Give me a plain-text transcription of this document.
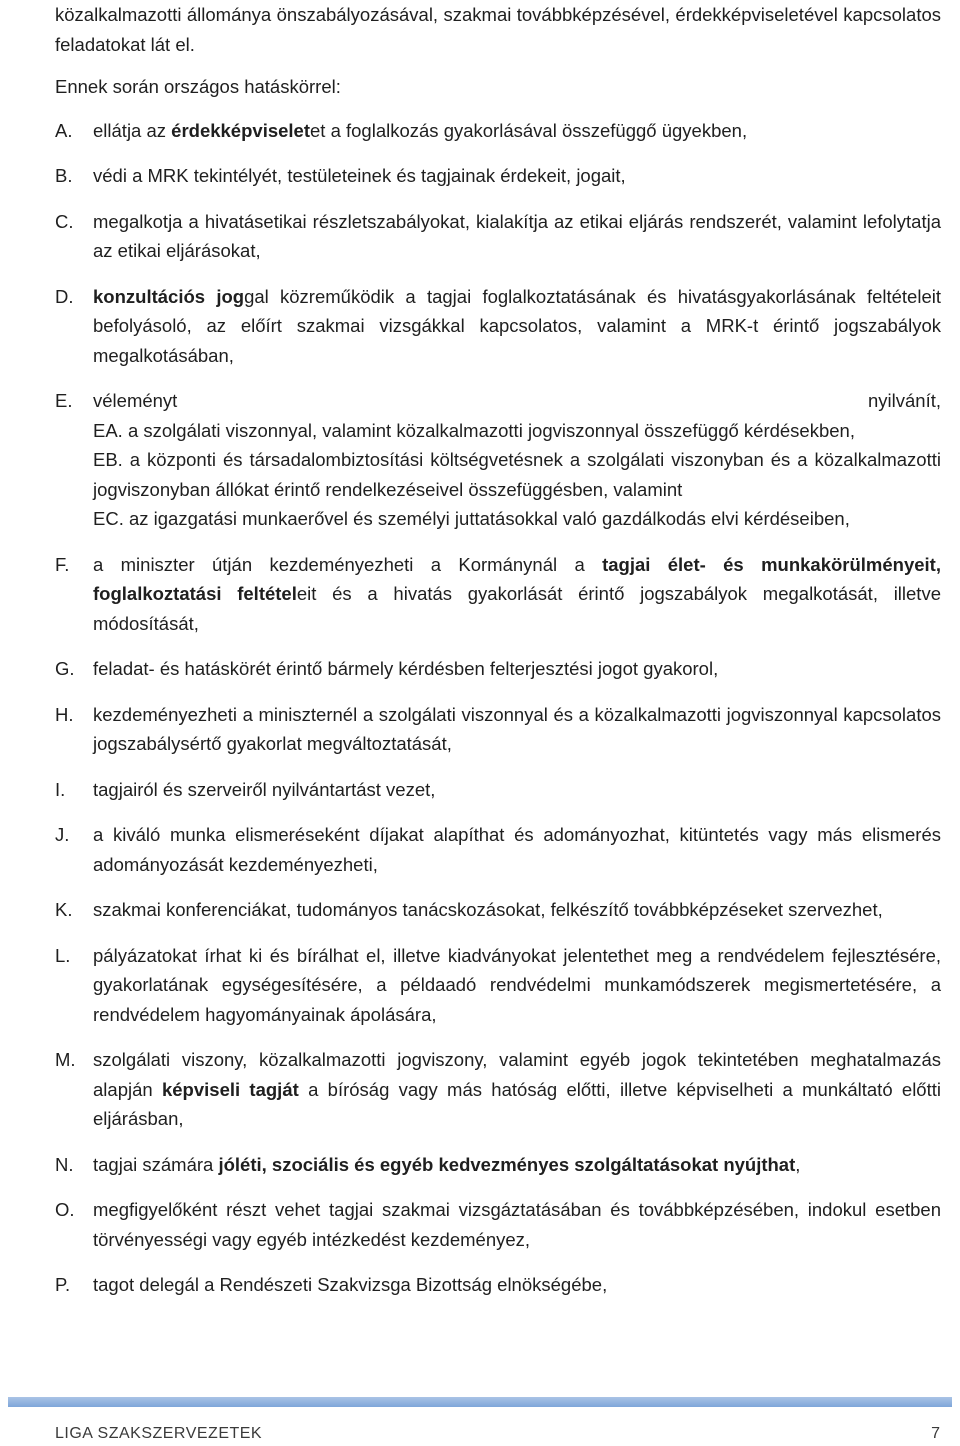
közalkalmazotti állománya önszabályozásával, szakmai továbbképzésével, érdekképviseletével kapcsolatos feladatokat lát el.

Ennek során országos hatáskörrel:

A.	ellátja az érdekképviseletet a foglalkozás gyakorlásával összefüggő ügyekben,
B.	védi a MRK tekintélyét, testületeinek és tagjainak érdekeit, jogait,
C.	megalkotja a hivatásetikai részletszabályokat, kialakítja az etikai eljárás rendszerét, valamint lefolytatja az etikai eljárásokat,
D.	konzultációs joggal közreműködik a tagjai foglalkoztatásának és hivatásgyakorlásának feltételeit befolyásoló, az előírt szakmai vizsgákkal kapcsolatos, valamint a MRK-t érintő jogszabályok megalkotásában,
E.	véleményt	nyilvánít,
EA. a szolgálati viszonnyal, valamint közalkalmazotti jogviszonnyal összefüggő kérdésekben,
EB. a központi és társadalombiztosítási költségvetésnek a szolgálati viszonyban és a közalkalmazotti jogviszonyban állókat érintő rendelkezéseivel összefüggésben, valamint
EC. az igazgatási munkaerővel és személyi juttatásokkal való gazdálkodás elvi kérdéseiben,
F.	a miniszter útján kezdeményezheti a Kormánynál a tagjai élet- és munkakörülményeit, foglalkoztatási feltételeit és a hivatás gyakorlását érintő jogszabályok megalkotását, illetve módosítását,
G. feladat- és hatáskörét érintő bármely kérdésben felterjesztési jogot gyakorol,
H.	kezdeményezheti a miniszternél a szolgálati viszonnyal és a közalkalmazotti jogviszonnyal kapcsolatos jogszabálysértő gyakorlat megváltoztatását,
I.	tagjairól és szerveiről nyilvántartást vezet,
J.	a kiváló munka elismeréseként díjakat alapíthat és adományozhat, kitüntetés vagy más elismerés adományozását kezdeményezheti,
K.	szakmai konferenciákat, tudományos tanácskozásokat, felkészítő továbbképzéseket szervezhet,
L.	pályázatokat írhat ki és bírálhat el, illetve kiadványokat jelentethet meg a rendvédelem fejlesztésére, gyakorlatának egységesítésére, a példaadó rendvédelmi munkamódszerek megismertetésére, a rendvédelem hagyományainak ápolására,
M. szolgálati viszony, közalkalmazotti jogviszony, valamint egyéb jogok tekintetében meghatalmazás alapján képviseli tagját a bíróság vagy más hatóság előtti, illetve képviselheti a munkáltató előtti eljárásban,
N.	tagjai számára jóléti, szociális és egyéb kedvezményes szolgáltatásokat nyújthat,
O. megfigyelőként részt vehet tagjai szakmai vizsgáztatásában és továbbképzésében, indokul esetben törvényességi vagy egyéb intézkedést kezdeményez,
P.	tagot delegál a Rendészeti Szakvizsga Bizottság elnökségébe,
LIGA SZAKSZERVEZETEK	7
